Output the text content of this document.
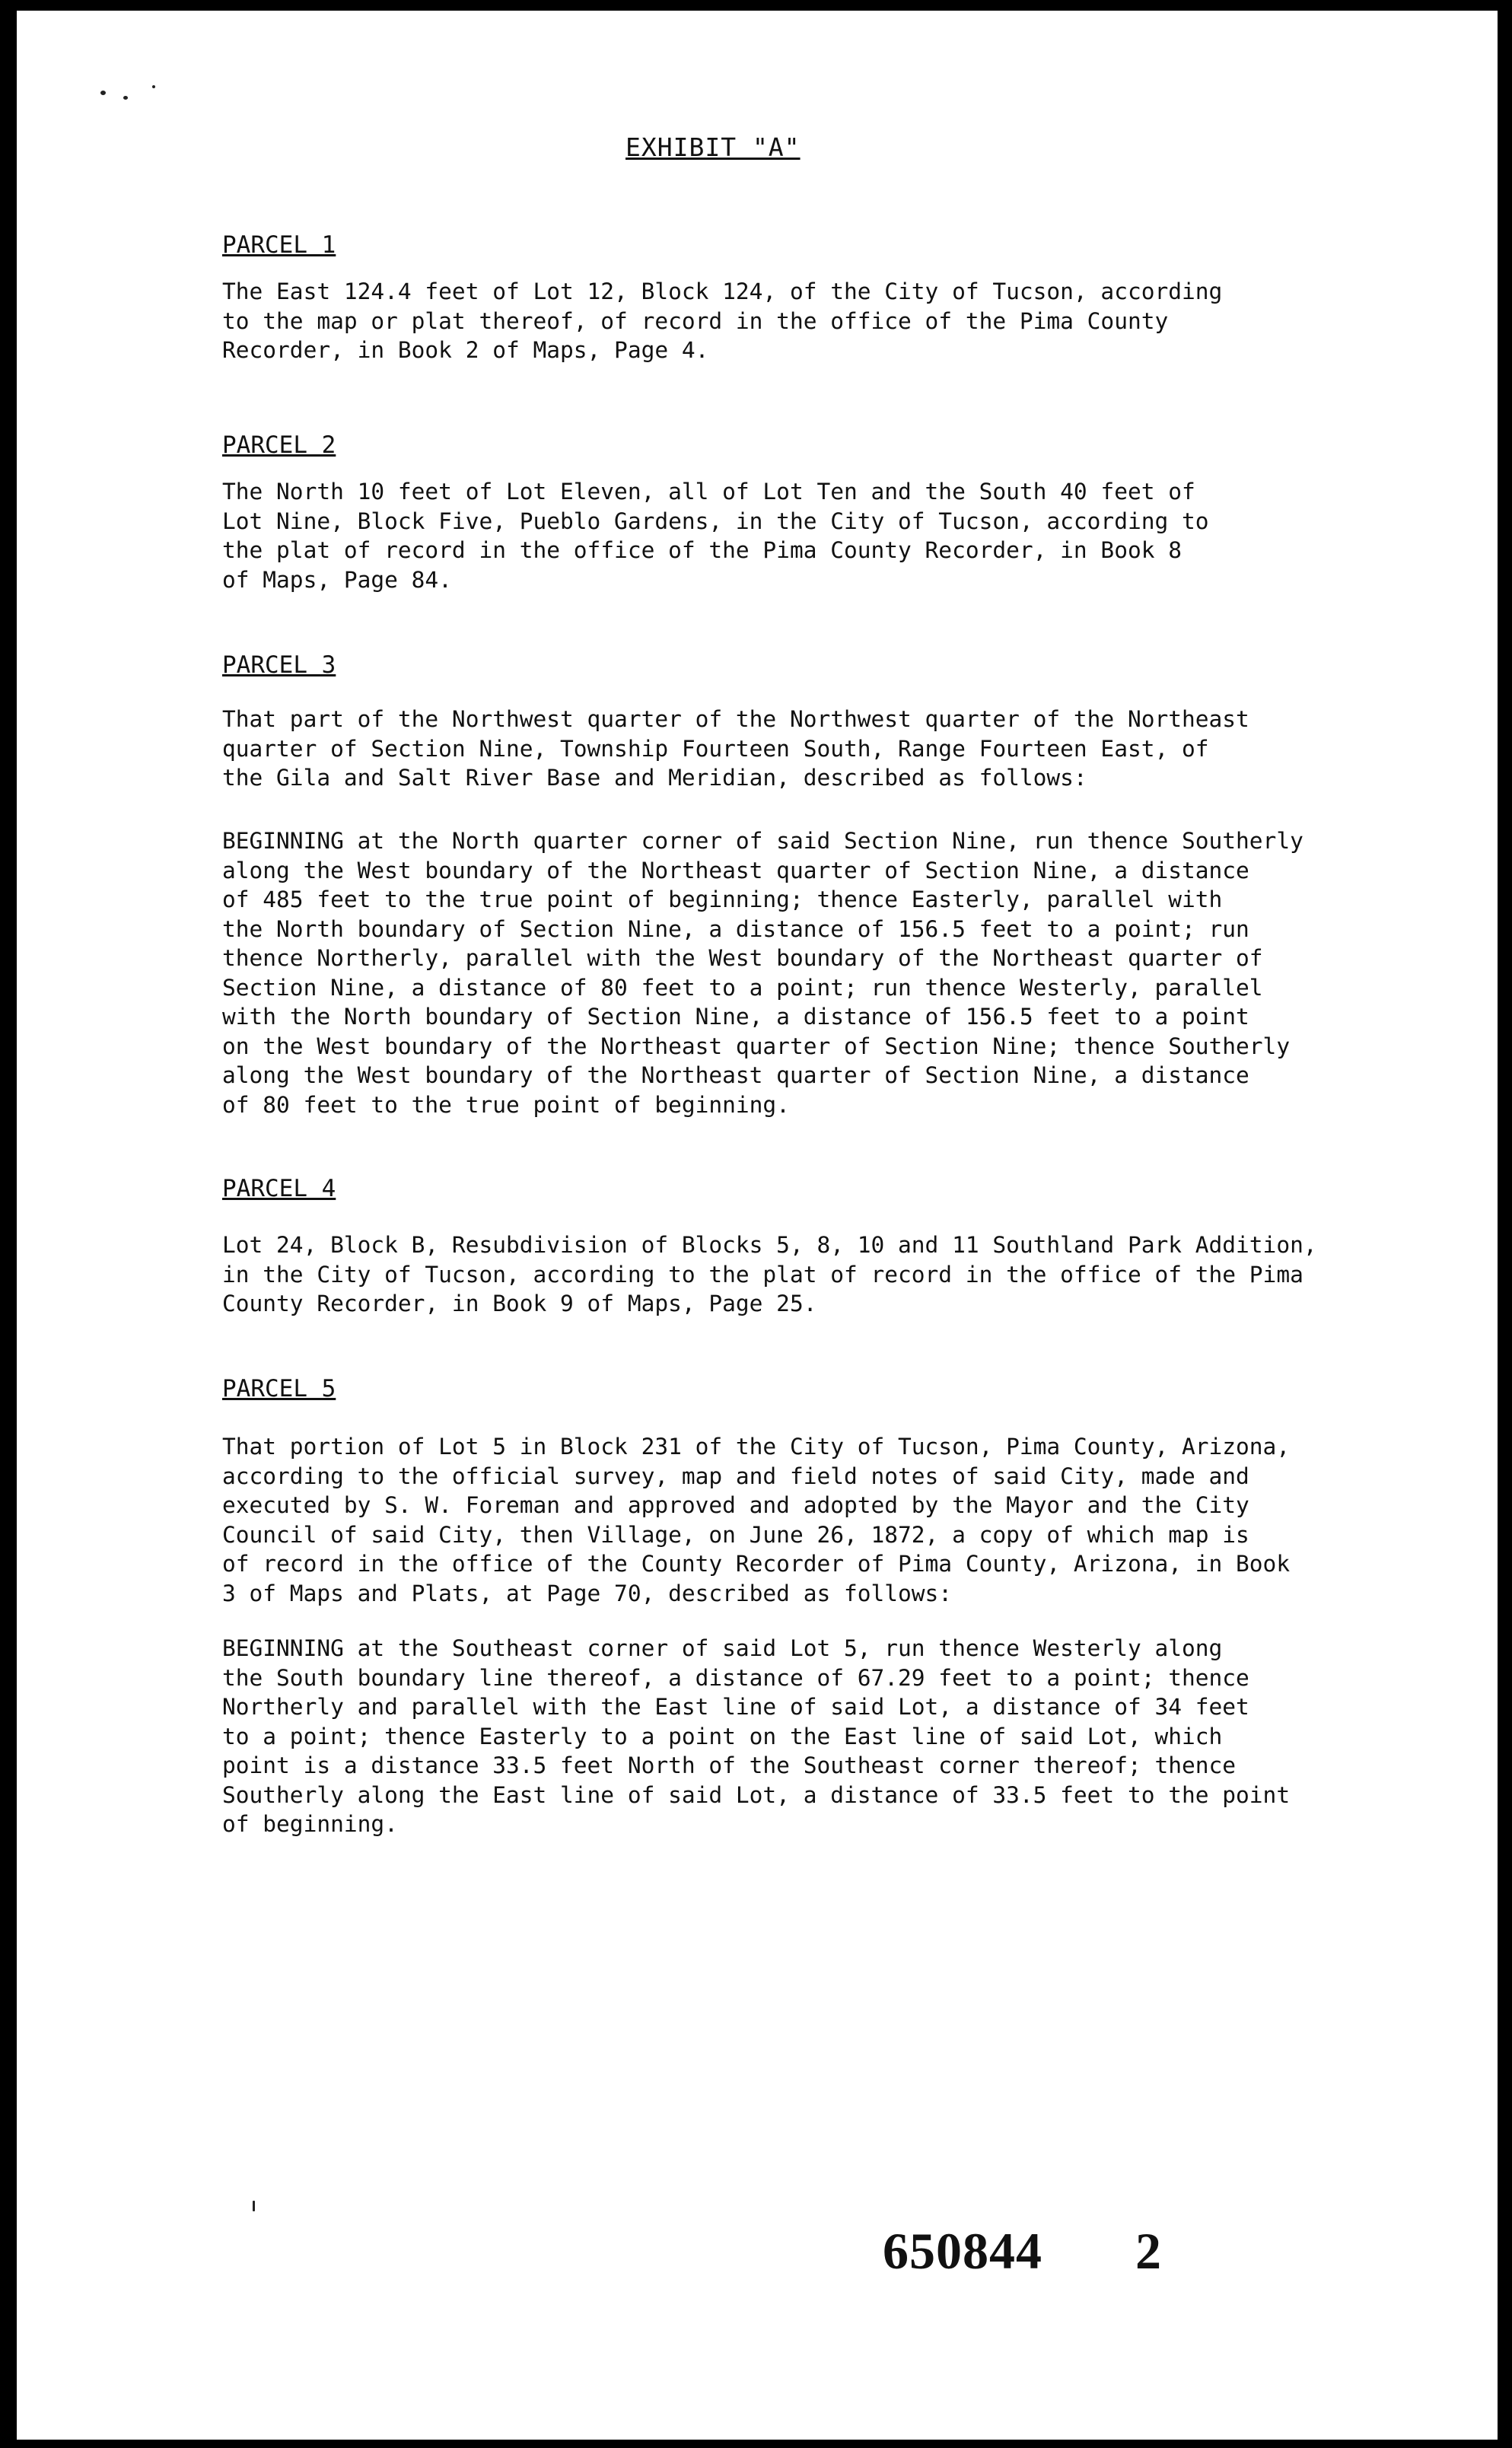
EXHIBIT "A"
PARCEL 1
The East 124.4 feet of Lot 12, Block 124, of the City of Tucson, according
to the map or plat thereof, of record in the office of the Pima County
Recorder, in Book 2 of Maps, Page 4.
PARCEL 2
The North 10 feet of Lot Eleven, all of Lot Ten and the South 40 feet of
Lot Nine, Block Five, Pueblo Gardens, in the City of Tucson, according to
the plat of record in the office of the Pima County Recorder, in Book 8
of Maps, Page 84.
PARCEL 3
That part of the Northwest quarter of the Northwest quarter of the Northeast
quarter of Section Nine, Township Fourteen South, Range Fourteen East, of
the Gila and Salt River Base and Meridian, described as follows:
BEGINNING at the North quarter corner of said Section Nine, run thence Southerly
along the West boundary of the Northeast quarter of Section Nine, a distance
of 485 feet to the true point of beginning; thence Easterly, parallel with
the North boundary of Section Nine, a distance of 156.5 feet to a point; run
thence Northerly, parallel with the West boundary of the Northeast quarter of
Section Nine, a distance of 80 feet to a point; run thence Westerly, parallel
with the North boundary of Section Nine, a distance of 156.5 feet to a point
on the West boundary of the Northeast quarter of Section Nine; thence Southerly
along the West boundary of the Northeast quarter of Section Nine, a distance
of 80 feet to the true point of beginning.
PARCEL 4
Lot 24, Block B, Resubdivision of Blocks 5, 8, 10 and 11 Southland Park Addition,
in the City of Tucson, according to the plat of record in the office of the Pima
County Recorder, in Book 9 of Maps, Page 25.
PARCEL 5
That portion of Lot 5 in Block 231 of the City of Tucson, Pima County, Arizona,
according to the official survey, map and field notes of said City, made and
executed by S. W. Foreman and approved and adopted by the Mayor and the City
Council of said City, then Village, on June 26, 1872, a copy of which map is
of record in the office of the County Recorder of Pima County, Arizona, in Book
3 of Maps and Plats, at Page 70, described as follows:
BEGINNING at the Southeast corner of said Lot 5, run thence Westerly along
the South boundary line thereof, a distance of 67.29 feet to a point; thence
Northerly and parallel with the East line of said Lot, a distance of 34 feet
to a point; thence Easterly to a point on the East line of said Lot, which
point is a distance 33.5 feet North of the Southeast corner thereof; thence
Southerly along the East line of said Lot, a distance of 33.5 feet to the point
of beginning.
650844 2
